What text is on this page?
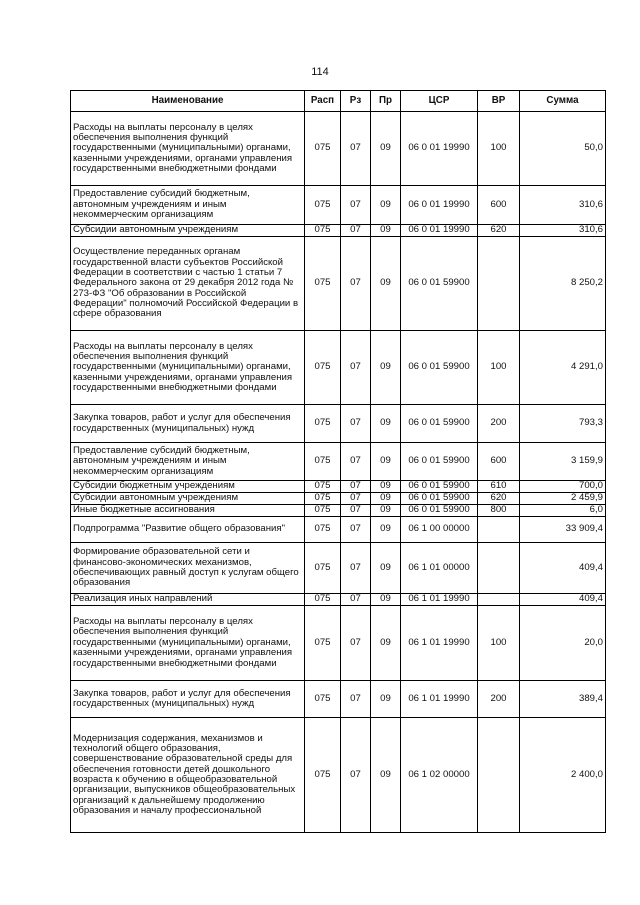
114
Наименование	Расп	Рз	Пр	ЦСР	ВР	Сумма
Расходы на выплаты персоналу в целях обеспечения выполнения функций государственными (муниципальными) органами, казенными учреждениями, органами управления государственными внебюджетными фондами	075	07	09	06 0 01 19990	100	50,0
Предоставление субсидий бюджетным, автономным учреждениям и иным некоммерческим организациям	075	07	09	06 0 01 19990	600	310,6
Субсидии автономным учреждениям	075	07	09	06 0 01 19990	620	310,6
Осуществление переданных органам государственной власти субъектов Российской Федерации в соответствии с частью 1 статьи 7 Федерального закона от 29 декабря 2012 года № 273-ФЗ "Об образовании в Российской Федерации" полномочий Российской Федерации в сфере образования	075	07	09	06 0 01 59900		8 250,2
Расходы на выплаты персоналу в целях обеспечения выполнения функций государственными (муниципальными) органами, казенными учреждениями, органами управления государственными внебюджетными фондами	075	07	09	06 0 01 59900	100	4 291,0
Закупка товаров, работ и услуг для обеспечения государственных (муниципальных) нужд	075	07	09	06 0 01 59900	200	793,3
Предоставление субсидий бюджетным, автономным учреждениям и иным некоммерческим организациям	075	07	09	06 0 01 59900	600	3 159,9
Субсидии бюджетным учреждениям	075	07	09	06 0 01 59900	610	700,0
Субсидии автономным учреждениям	075	07	09	06 0 01 59900	620	2 459,9
Иные бюджетные ассигнования	075	07	09	06 0 01 59900	800	6,0
Подпрограмма "Развитие общего образования"	075	07	09	06 1 00 00000		33 909,4
Формирование образовательной сети и финансово-экономических механизмов, обеспечивающих равный доступ к услугам общего образования	075	07	09	06 1 01 00000		409,4
Реализация иных направлений	075	07	09	06 1 01 19990		409,4
Расходы на выплаты персоналу в целях обеспечения выполнения функций государственными (муниципальными) органами, казенными учреждениями, органами управления государственными внебюджетными фондами	075	07	09	06 1 01 19990	100	20,0
Закупка товаров, работ и услуг для обеспечения государственных (муниципальных) нужд	075	07	09	06 1 01 19990	200	389,4
Модернизация содержания, механизмов и технологий общего образования, совершенствование образовательной среды для обеспечения готовности детей дошкольного возраста к обучению в общеобразовательной организации, выпускников общеобразовательных организаций к дальнейшему продолжению образования и началу профессиональной	075	07	09	06 1 02 00000		2 400,0
